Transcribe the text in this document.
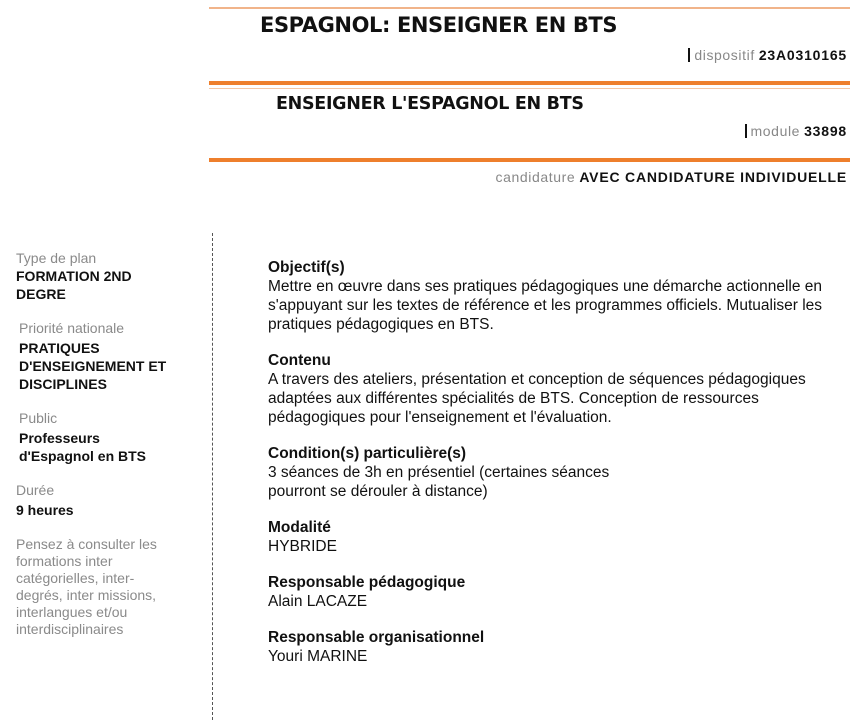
ESPAGNOL: ENSEIGNER EN BTS
dispositif 23A0310165
ENSEIGNER L'ESPAGNOL EN BTS
module 33898
candidature AVEC CANDIDATURE INDIVIDUELLE
Type de plan
FORMATION 2ND
DEGRE
Priorité nationale
PRATIQUES
D'ENSEIGNEMENT ET
DISCIPLINES
Public
Professeurs
d'Espagnol en BTS
Durée
9 heures
Pensez à consulter les formations inter catégorielles, inter-degrés, inter missions, interlangues et/ou interdisciplinaires
Objectif(s)
Mettre en œuvre dans ses pratiques pédagogiques une démarche actionnelle en s'appuyant sur les textes de référence et les programmes officiels. Mutualiser les pratiques pédagogiques en BTS.
Contenu
A travers des ateliers, présentation et conception de séquences pédagogiques adaptées aux différentes spécialités de BTS. Conception de ressources pédagogiques pour l'enseignement et l'évaluation.
Condition(s) particulière(s)
3 séances de 3h en présentiel (certaines séances
pourront se dérouler à distance)
Modalité
HYBRIDE
Responsable pédagogique
Alain LACAZE
Responsable organisationnel
Youri MARINE
